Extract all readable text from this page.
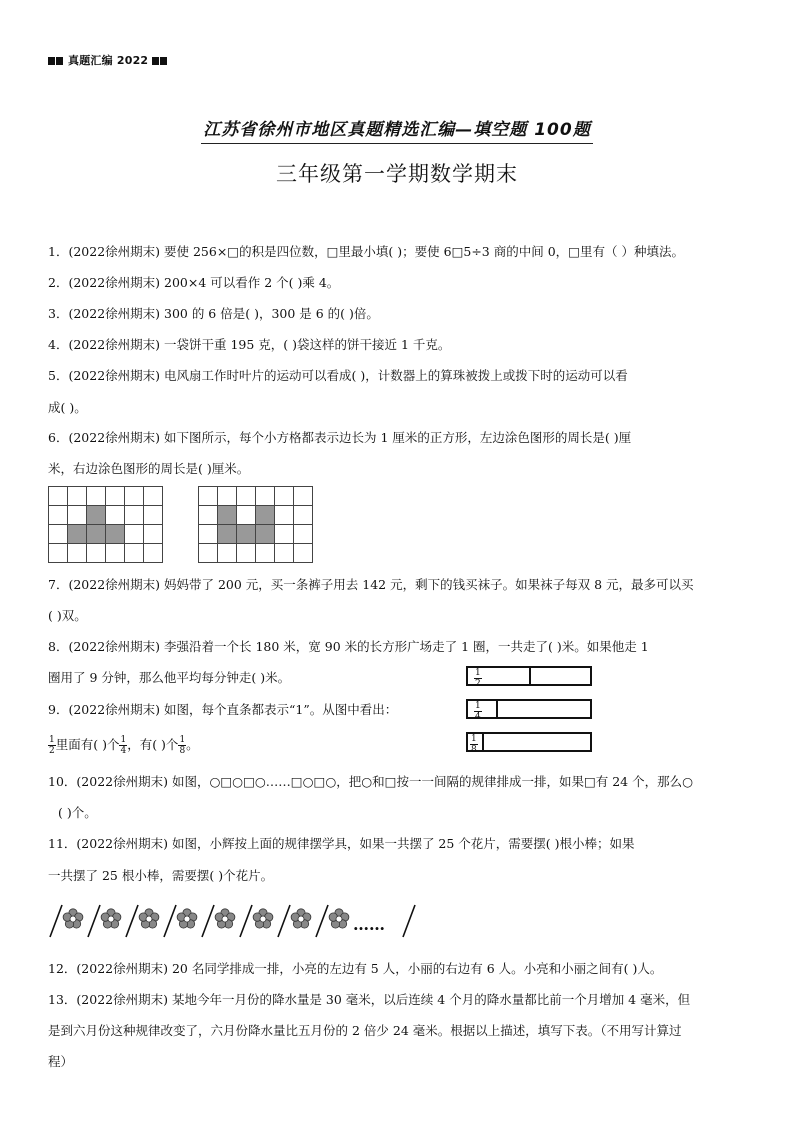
真题汇编 2022
江苏省徐州市地区真题精选汇编—填空题 100题
三年级第一学期数学期末
1．(2022徐州期末) 要使 256×□的积是四位数，□里最小填( )；要使 6□5÷3 商的中间 0，□里有（ ）种填法。
2．(2022徐州期末) 200×4 可以看作 2 个( )乘 4。
3．(2022徐州期末) 300 的 6 倍是( )，300 是 6 的( )倍。
4．(2022徐州期末) 一袋饼干重 195 克，( )袋这样的饼干接近 1 千克。
5．(2022徐州期末) 电风扇工作时叶片的运动可以看成( )，计数器上的算珠被拨上或拨下时的运动可以看
成( )。
6．(2022徐州期末) 如下图所示，每个小方格都表示边长为 1 厘米的正方形，左边涂色图形的周长是( )厘
米，右边涂色图形的周长是( )厘米。

7．(2022徐州期末) 妈妈带了 200 元，买一条裤子用去 142 元，剩下的钱买袜子。如果袜子每双 8 元，最多可以买
( )双。
8．(2022徐州期末) 李强沿着一个长 180 米，宽 90 米的长方形广场走了 1 圈，一共走了( )米。如果他走 1
圈用了 9 分钟，那么他平均每分钟走( )米。	$\frac{1}{2}$
$\frac{1}{4}$
$\frac{1}{8}$
9．(2022徐州期末) 如图，每个直条都表示“1”。从图中看出：
$\frac{1}{2}$ 里面有( )个 $\frac{1}{4}$ ，有( )个 $\frac{1}{8}$ 。
10．(2022徐州期末) 如图，○□○□○……□○□○，把○和□按一一间隔的规律排成一排，如果□有 24 个，那么○
( )个。
11．(2022徐州期末) 如图，小辉按上面的规律摆学具，如果一共摆了 25 个花片，需要摆( )根小棒；如果
一共摆了 25 根小棒，需要摆( )个花片。
……
12．(2022徐州期末) 20 名同学排成一排，小亮的左边有 5 人，小丽的右边有 6 人。小亮和小丽之间有( )人。
13．(2022徐州期末) 某地今年一月份的降水量是 30 毫米，以后连续 4 个月的降水量都比前一个月增加 4 毫米，但
是到六月份这种规律改变了，六月份降水量比五月份的 2 倍少 24 毫米。根据以上描述，填写下表。（不用写计算过
程）
